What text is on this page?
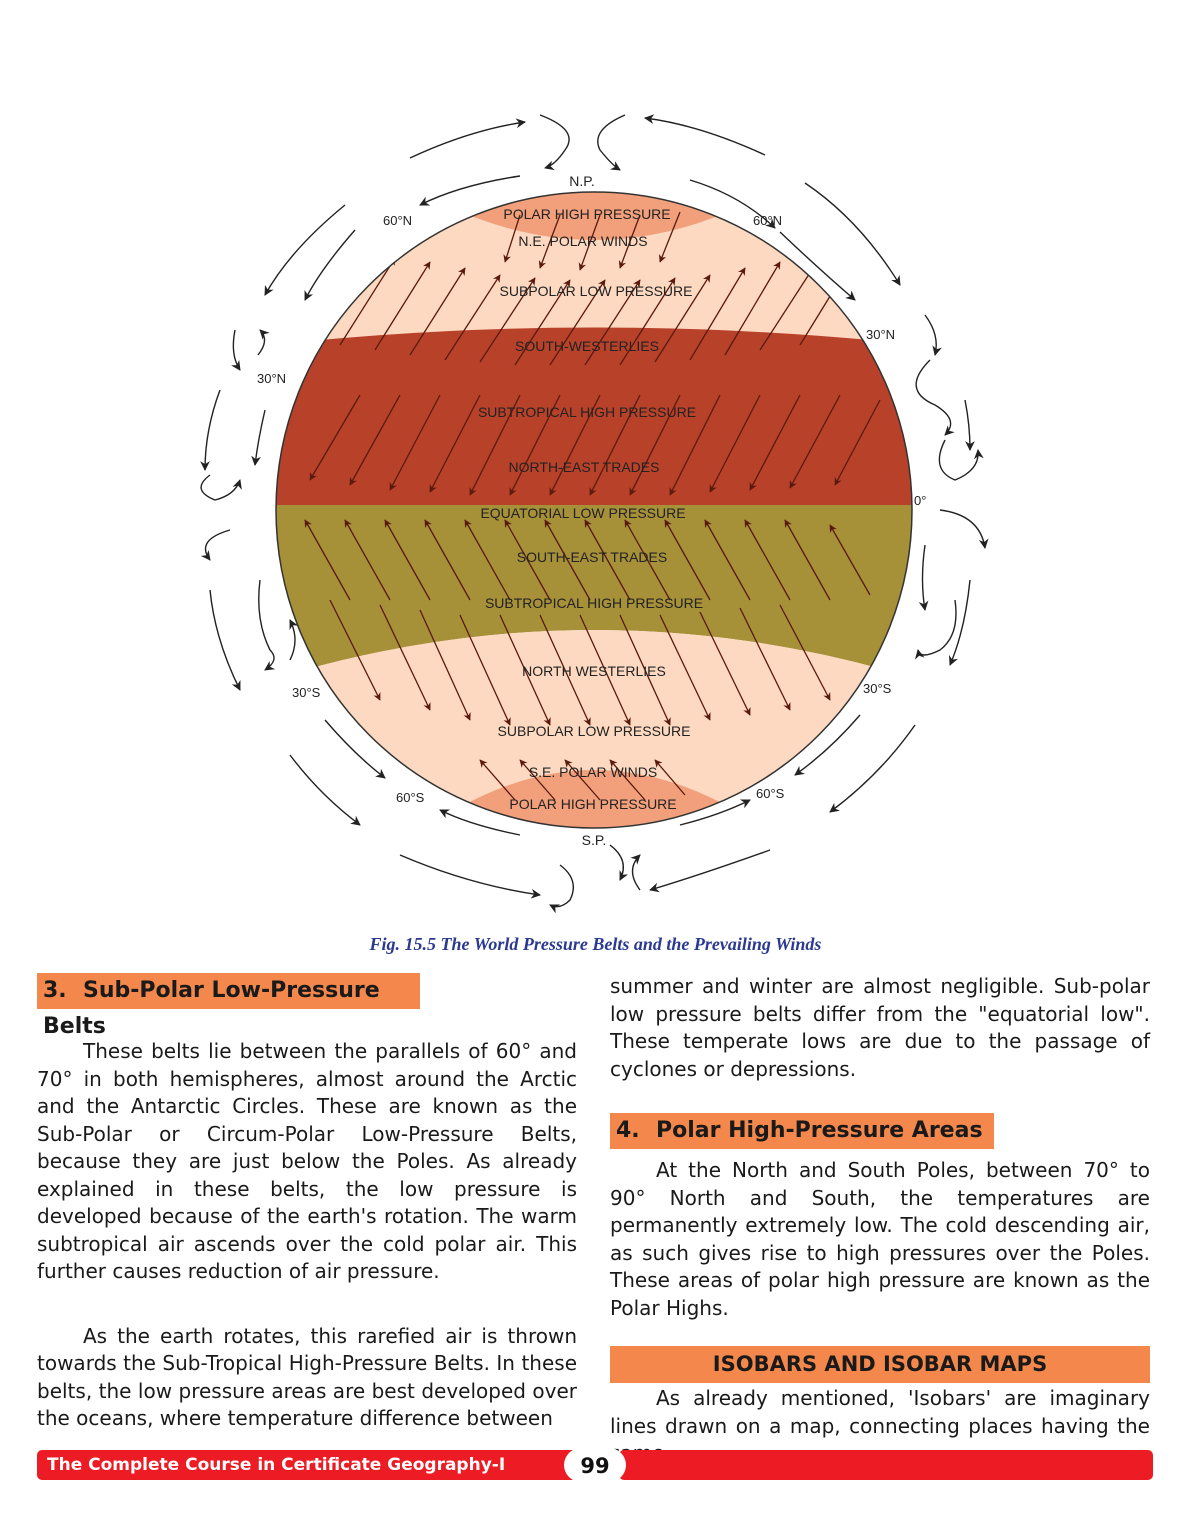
POLAR HIGH PRESSURE
N.E. POLAR WINDS
SUBPOLAR LOW PRESSURE
SOUTH-WESTERLIES
SUBTROPICAL HIGH PRESSURE
NORTH-EAST TRADES
EQUATORIAL LOW PRESSURE
SOUTH-EAST TRADES
SUBTROPICAL HIGH PRESSURE
NORTH WESTERLIES
SUBPOLAR LOW PRESSURE
S.E. POLAR WINDS
POLAR HIGH PRESSURE
N.P.
S.P.
60°N	60°N
30°N
30°N
0°
30°S	30°S
60°S	60°S
Fig. 15.5 The World Pressure Belts and the Prevailing Winds
3. Sub-Polar Low-Pressure Belts

These belts lie between the parallels of 60° and 70° in both hemispheres, almost around the Arctic and the Antarctic Circles. These are known as the Sub-Polar or Circum-Polar Low-Pressure Belts, because they are just below the Poles. As already explained in these belts, the low pressure is developed because of the earth's rotation. The warm subtropical air ascends over the cold polar air. This further causes reduction of air pressure.

As the earth rotates, this rarefied air is thrown towards the Sub-Tropical High-Pressure Belts. In these belts, the low pressure areas are best developed over the oceans, where temperature difference between

summer and winter are almost negligible. Sub-polar low pressure belts differ from the "equatorial low". These temperate lows are due to the passage of cyclones or depressions.

4. Polar High-Pressure Areas

At the North and South Poles, between 70° to 90° North and South, the temperatures are permanently extremely low. The cold descending air, as such gives rise to high pressures over the Poles. These areas of polar high pressure are known as the Polar Highs.

ISOBARS AND ISOBAR MAPS

As already mentioned, 'Isobars' are imaginary lines drawn on a map, connecting places having the

The Complete Course in Certificate Geography-I	99
